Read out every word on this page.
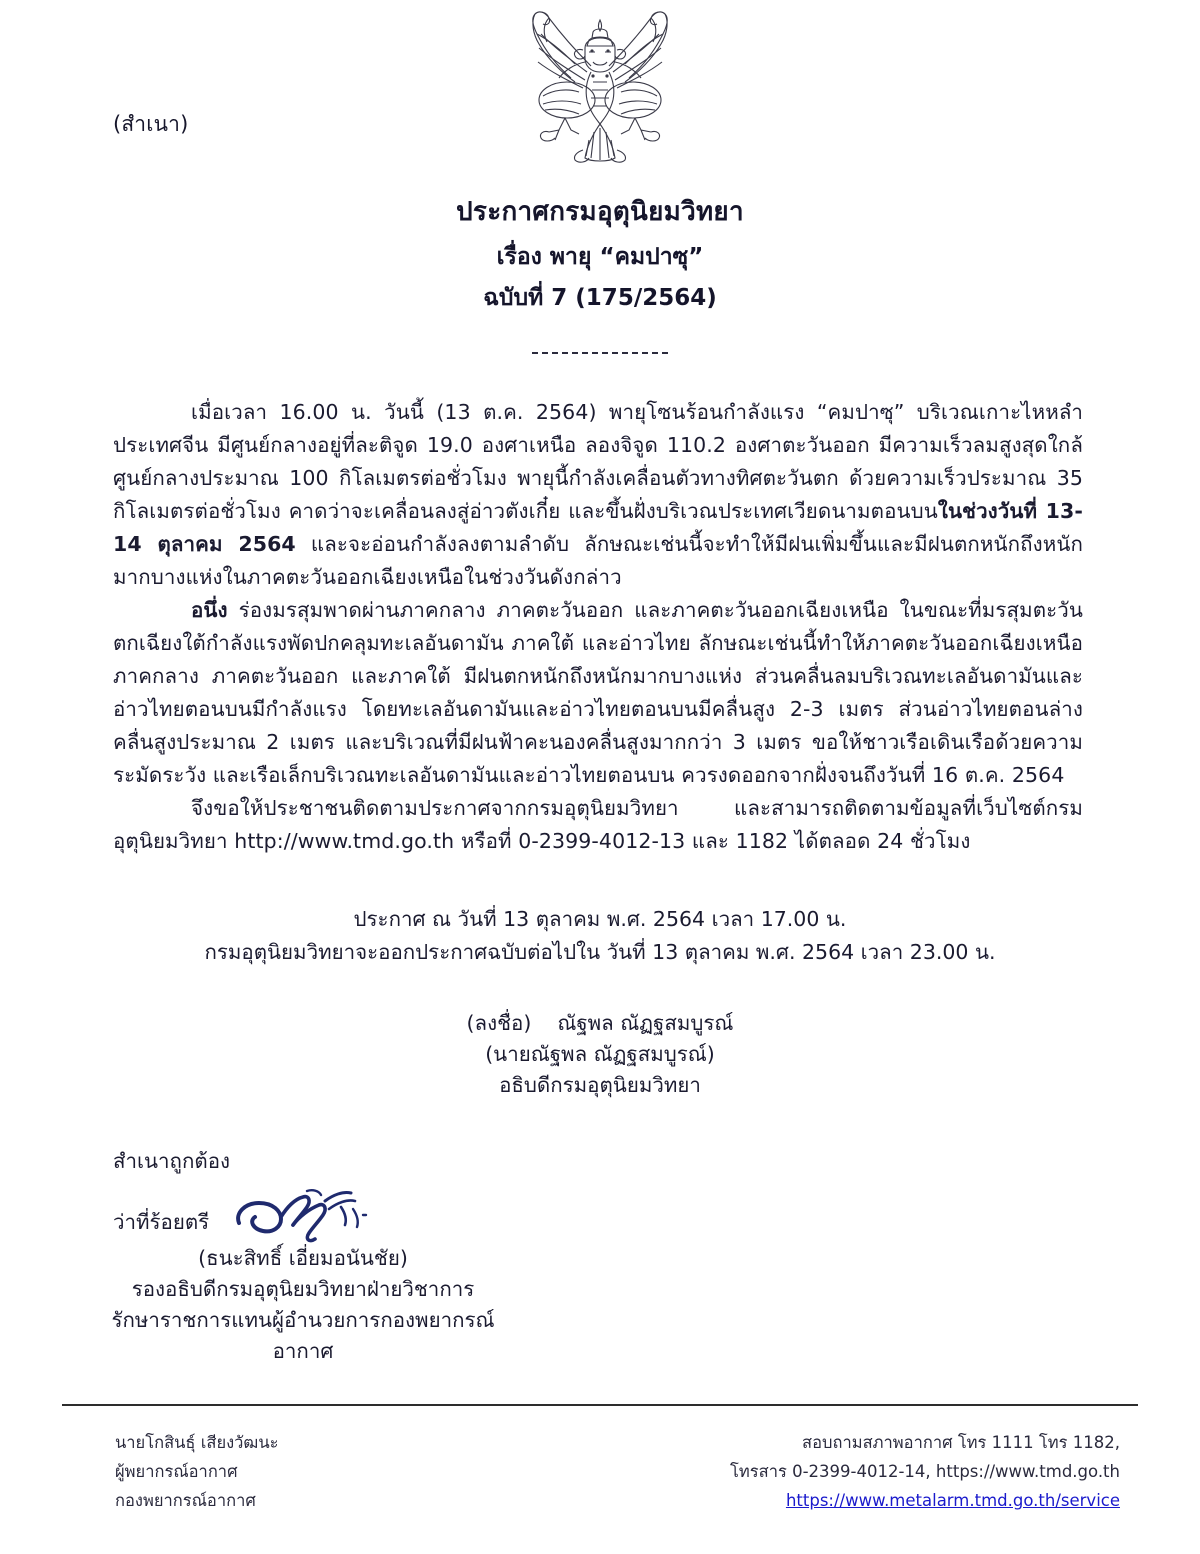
(สำเนา)
ประกาศกรมอุตุนิยมวิทยา
เรื่อง พายุ “คมปาซุ”
ฉบับที่ 7 (175/2564)

เมื่อเวลา 16.00 น. วันนี้ (13 ต.ค. 2564) พายุโซนร้อนกำลังแรง “คมปาซุ” บริเวณเกาะไหหลำ ประเทศจีน มีศูนย์กลางอยู่ที่ละติจูด 19.0 องศาเหนือ ลองจิจูด 110.2 องศาตะวันออก มีความเร็วลมสูงสุดใกล้ศูนย์กลางประมาณ 100 กิโลเมตรต่อชั่วโมง พายุนี้กำลังเคลื่อนตัวทางทิศตะวันตก ด้วยความเร็วประมาณ 35 กิโลเมตรต่อชั่วโมง คาดว่าจะเคลื่อนลงสู่อ่าวตังเกี๋ย และขึ้นฝั่งบริเวณประเทศเวียดนามตอนบนในช่วงวันที่ 13-14 ตุลาคม 2564 และจะอ่อนกำลังลงตามลำดับ ลักษณะเช่นนี้จะทำให้มีฝนเพิ่มขึ้นและมีฝนตกหนักถึงหนักมากบางแห่งในภาคตะวันออกเฉียงเหนือในช่วงวันดังกล่าว

อนึ่ง ร่องมรสุมพาดผ่านภาคกลาง ภาคตะวันออก และภาคตะวันออกเฉียงเหนือ ในขณะที่มรสุมตะวันตกเฉียงใต้กำลังแรงพัดปกคลุมทะเลอันดามัน ภาคใต้ และอ่าวไทย ลักษณะเช่นนี้ทำให้ภาคตะวันออกเฉียงเหนือ ภาคกลาง ภาคตะวันออก และภาคใต้ มีฝนตกหนักถึงหนักมากบางแห่ง ส่วนคลื่นลมบริเวณทะเลอันดามันและอ่าวไทยตอนบนมีกำลังแรง โดยทะเลอันดามันและอ่าวไทยตอนบนมีคลื่นสูง 2-3 เมตร ส่วนอ่าวไทยตอนล่างคลื่นสูงประมาณ 2 เมตร และบริเวณที่มีฝนฟ้าคะนองคลื่นสูงมากกว่า 3 เมตร ขอให้ชาวเรือเดินเรือด้วยความระมัดระวัง และเรือเล็กบริเวณทะเลอันดามันและอ่าวไทยตอนบน ควรงดออกจากฝั่งจนถึงวันที่ 16 ต.ค. 2564

จึงขอให้ประชาชนติดตามประกาศจากกรมอุตุนิยมวิทยา และสามารถติดตามข้อมูลที่เว็บไซต์กรมอุตุนิยมวิทยา http://www.tmd.go.th หรือที่ 0-2399-4012-13 และ 1182 ได้ตลอด 24 ชั่วโมง

ประกาศ ณ วันที่ 13 ตุลาคม พ.ศ. 2564 เวลา 17.00 น.
กรมอุตุนิยมวิทยาจะออกประกาศฉบับต่อไปใน วันที่ 13 ตุลาคม พ.ศ. 2564 เวลา 23.00 น.
(ลงชื่อ) ณัฐพล ณัฏฐสมบูรณ์
(นายณัฐพล ณัฏฐสมบูรณ์)
อธิบดีกรมอุตุนิยมวิทยา
สำเนาถูกต้อง
ว่าที่ร้อยตรี
(ธนะสิทธิ์ เอี่ยมอนันชัย)
รองอธิบดีกรมอุตุนิยมวิทยาฝ่ายวิชาการ
รักษาราชการแทนผู้อำนวยการกองพยากรณ์อากาศ
นายโกสินธุ์ เสียงวัฒนะ
ผู้พยากรณ์อากาศ
กองพยากรณ์อากาศ
สอบถามสภาพอากาศ โทร 1111 โทร 1182,
โทรสาร 0-2399-4012-14, https://www.tmd.go.th
https://www.metalarm.tmd.go.th/service
